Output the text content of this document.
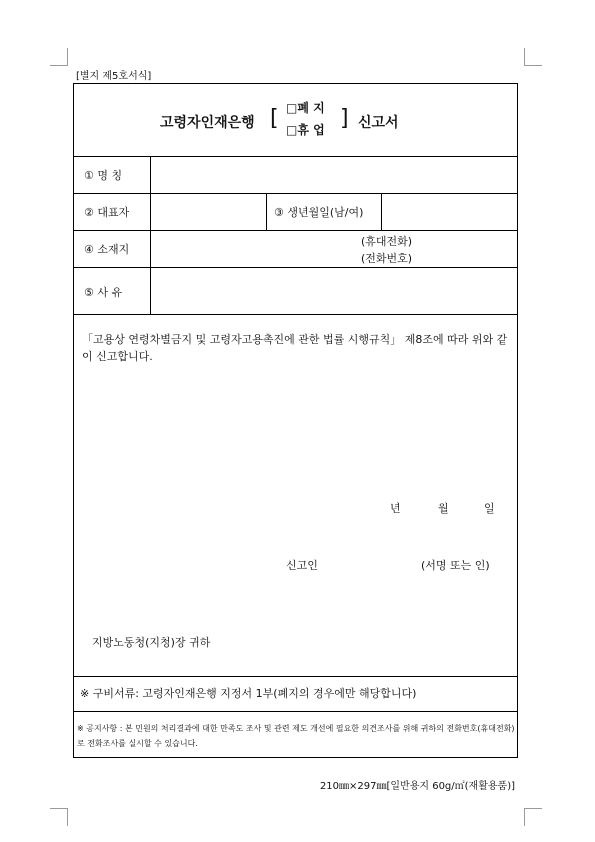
[별지 제5호서식]
고령자인재은행 [ □폐 지
□휴 업 ] 신고서
① 명 칭
② 대표자	③ 생년월일(남/여)
④ 소재지
(휴대전화)
(전화번호)
⑤ 사 유
「고용상 연령차별금지 및 고령자고용촉진에 관한 법률 시행규칙」 제8조에 따라 위와 같이 신고합니다.
년	월	일
신고인	(서명 또는 인)
지방노동청(지청)장 귀하
※ 구비서류: 고령자인재은행 지정서 1부(폐지의 경우에만 해당합니다)
※ 공지사항 : 본 민원의 처리결과에 대한 만족도 조사 및 관련 제도 개선에 필요한 의견조사를 위해 귀하의 전화번호(휴대전화)로 전화조사를 실시할 수 있습니다.
210㎜×297㎜[일반용지 60g/㎡(재활용품)]
